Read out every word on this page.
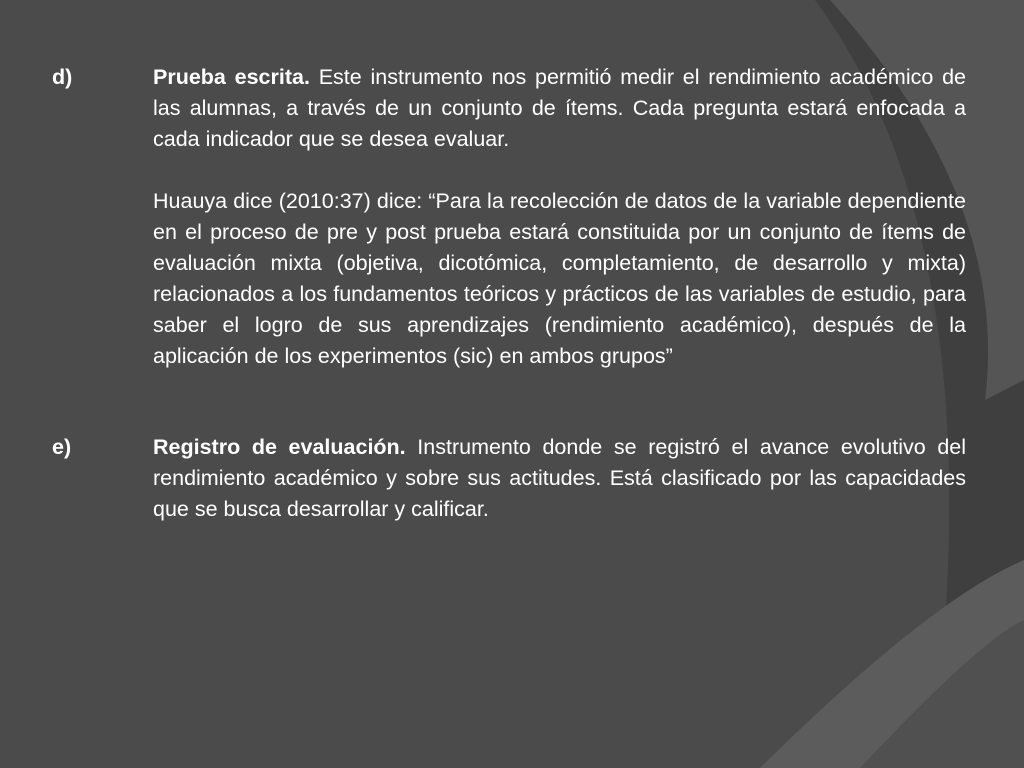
d)	Prueba escrita. Este instrumento nos permitió medir el rendimiento académico de las alumnas, a través de un conjunto de ítems. Cada pregunta estará enfocada a cada indicador que se desea evaluar.

Huauya dice (2010:37) dice: “Para la recolección de datos de la variable dependiente en el proceso de pre y post prueba estará constituida por un conjunto de ítems de evaluación mixta (objetiva, dicotómica, completamiento, de desarrollo y mixta) relacionados a los fundamentos teóricos y prácticos de las variables de estudio, para saber el logro de sus aprendizajes (rendimiento académico), después de la aplicación de los experimentos (sic) en ambos grupos”

e)	Registro de evaluación. Instrumento donde se registró el avance evolutivo del rendimiento académico y sobre sus actitudes. Está clasificado por las capacidades que se busca desarrollar y calificar.
